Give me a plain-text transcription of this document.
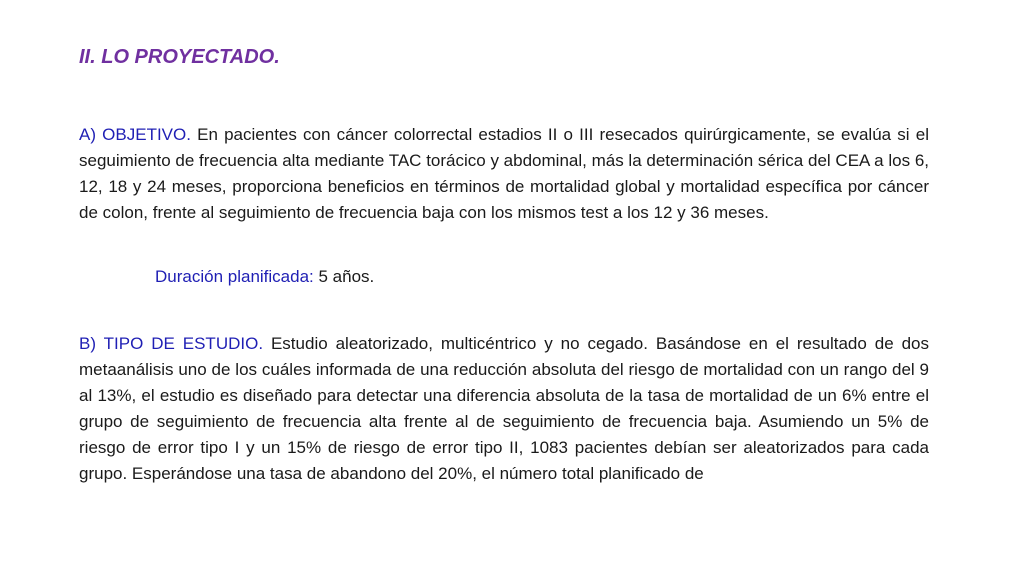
II. LO PROYECTADO.

A) OBJETIVO. En pacientes con cáncer colorrectal estadios II o III resecados quirúrgicamente, se evalúa si el seguimiento de frecuencia alta mediante TAC torácico y abdominal, más la determinación sérica del CEA a los 6, 12, 18 y 24 meses, proporciona beneficios en términos de mortalidad global y mortalidad específica por cáncer de colon, frente al seguimiento de frecuencia baja con los mismos test a los 12 y 36 meses.

Duración planificada: 5 años.

B) TIPO DE ESTUDIO. Estudio aleatorizado, multicéntrico y no cegado. Basándose en el resultado de dos metaanálisis uno de los cuáles informada de una reducción absoluta del riesgo de mortalidad con un rango del 9 al 13%, el estudio es diseñado para detectar una diferencia absoluta de la tasa de mortalidad de un 6% entre el grupo de seguimiento de frecuencia alta frente al de seguimiento de frecuencia baja. Asumiendo un 5% de riesgo de error tipo I y un 15% de riesgo de error tipo II, 1083 pacientes debían ser aleatorizados para cada grupo. Esperándose una tasa de abandono del 20%, el número total planificado de
